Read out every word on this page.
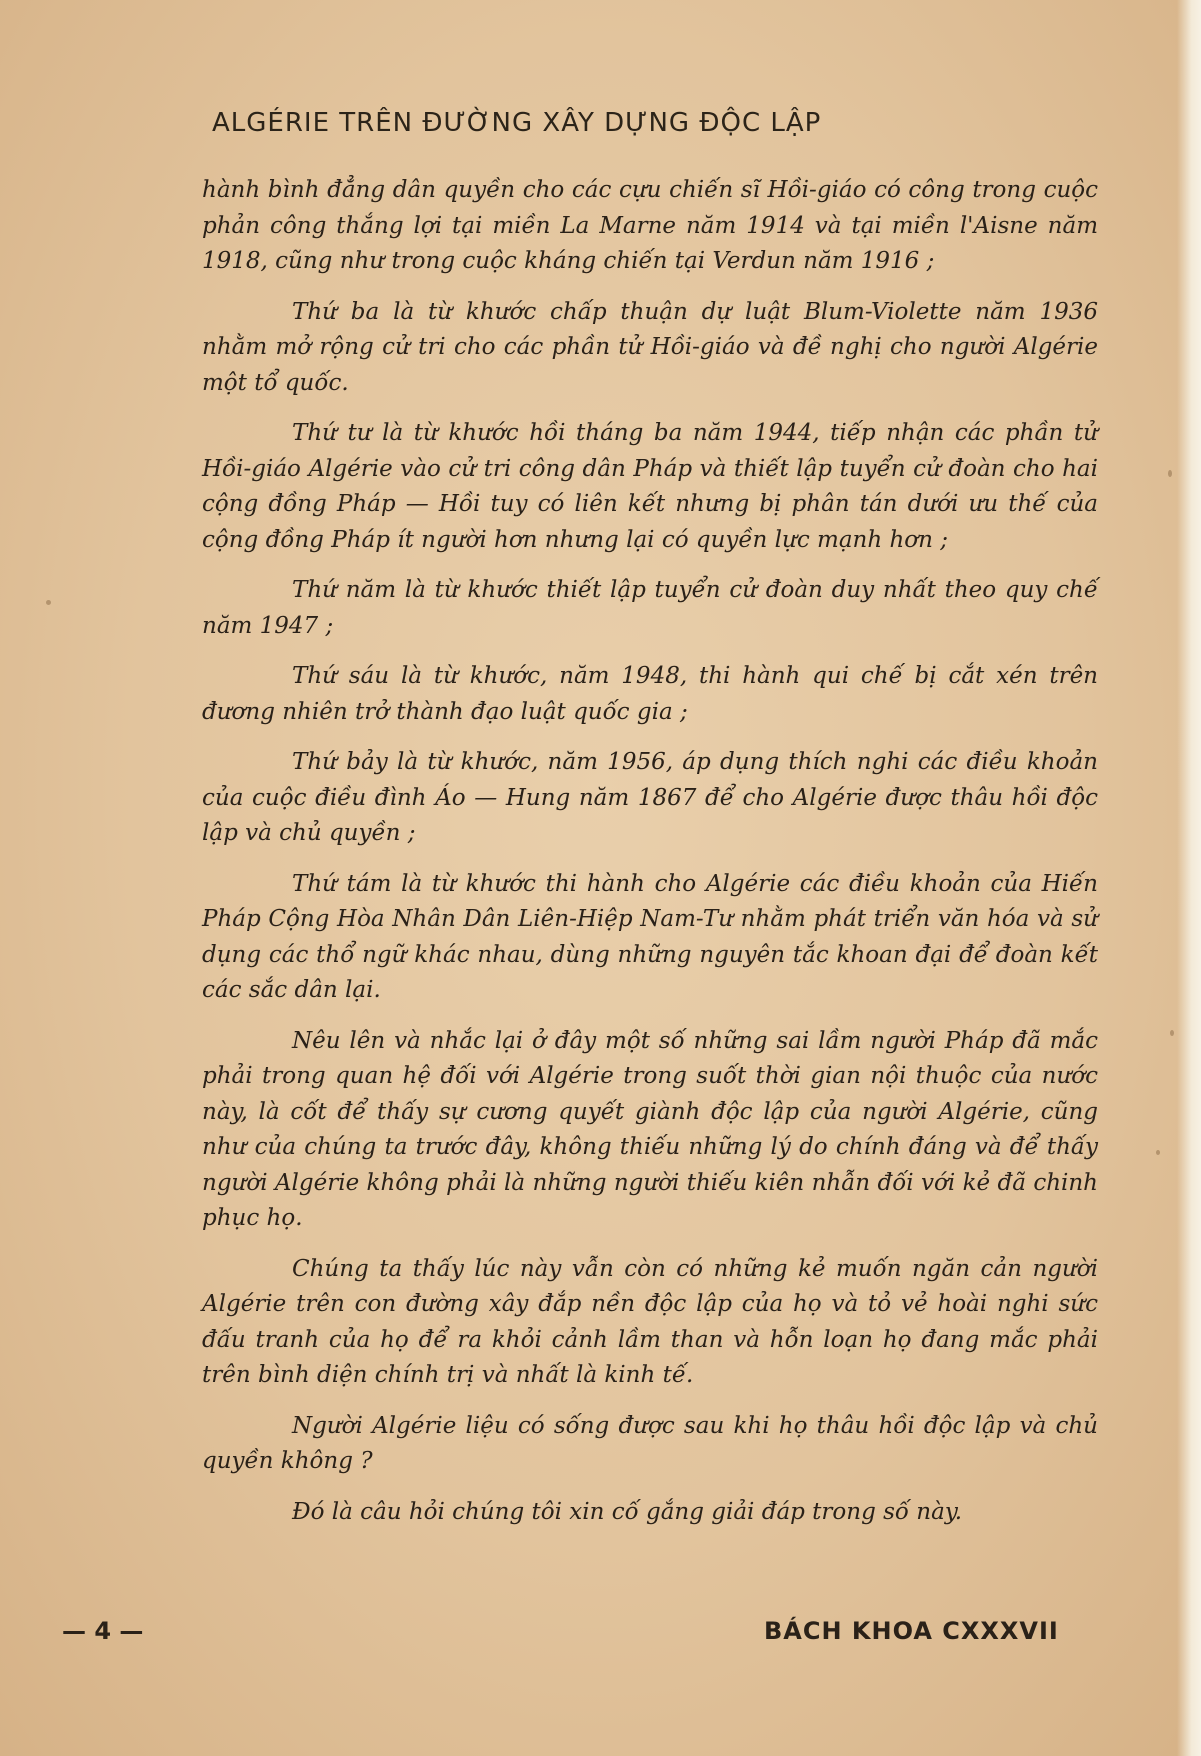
ALGÉRIE TRÊN ĐƯỜNG XÂY DỰNG ĐỘC LẬP

hành bình đẳng dân quyền cho các cựu chiến sĩ Hồi-giáo có công trong cuộc phản công thắng lợi tại miền La Marne năm 1914 và tại miền l'Aisne năm 1918, cũng như trong cuộc kháng chiến tại Verdun năm 1916 ;

Thứ ba là từ khước chấp thuận dự luật Blum-Violette năm 1936 nhằm mở rộng cử tri cho các phần tử Hồi-giáo và đề nghị cho người Algérie một tổ quốc.

Thứ tư là từ khước hồi tháng ba năm 1944, tiếp nhận các phần tử Hồi-giáo Algérie vào cử tri công dân Pháp và thiết lập tuyển cử đoàn cho hai cộng đồng Pháp — Hồi tuy có liên kết nhưng bị phân tán dưới ưu thế của cộng đồng Pháp ít người hơn nhưng lại có quyền lực mạnh hơn ;

Thứ năm là từ khước thiết lập tuyển cử đoàn duy nhất theo quy chế năm 1947 ;

Thứ sáu là từ khước, năm 1948, thi hành qui chế bị cắt xén trên đương nhiên trở thành đạo luật quốc gia ;

Thứ bảy là từ khước, năm 1956, áp dụng thích nghi các điều khoản của cuộc điều đình Áo — Hung năm 1867 để cho Algérie được thâu hồi độc lập và chủ quyền ;

Thứ tám là từ khước thi hành cho Algérie các điều khoản của Hiến Pháp Cộng Hòa Nhân Dân Liên-Hiệp Nam-Tư nhằm phát triển văn hóa và sử dụng các thổ ngữ khác nhau, dùng những nguyên tắc khoan đại để đoàn kết các sắc dân lại.

Nêu lên và nhắc lại ở đây một số những sai lầm người Pháp đã mắc phải trong quan hệ đối với Algérie trong suốt thời gian nội thuộc của nước này, là cốt để thấy sự cương quyết giành độc lập của người Algérie, cũng như của chúng ta trước đây, không thiếu những lý do chính đáng và để thấy người Algérie không phải là những người thiếu kiên nhẫn đối với kẻ đã chinh phục họ.

Chúng ta thấy lúc này vẫn còn có những kẻ muốn ngăn cản người Algérie trên con đường xây đắp nền độc lập của họ và tỏ vẻ hoài nghi sức đấu tranh của họ để ra khỏi cảnh lầm than và hỗn loạn họ đang mắc phải trên bình diện chính trị và nhất là kinh tế.

Người Algérie liệu có sống được sau khi họ thâu hồi độc lập và chủ quyền không ?

Đó là câu hỏi chúng tôi xin cố gắng giải đáp trong số này.

— 4 —	BÁCH KHOA CXXXVII
